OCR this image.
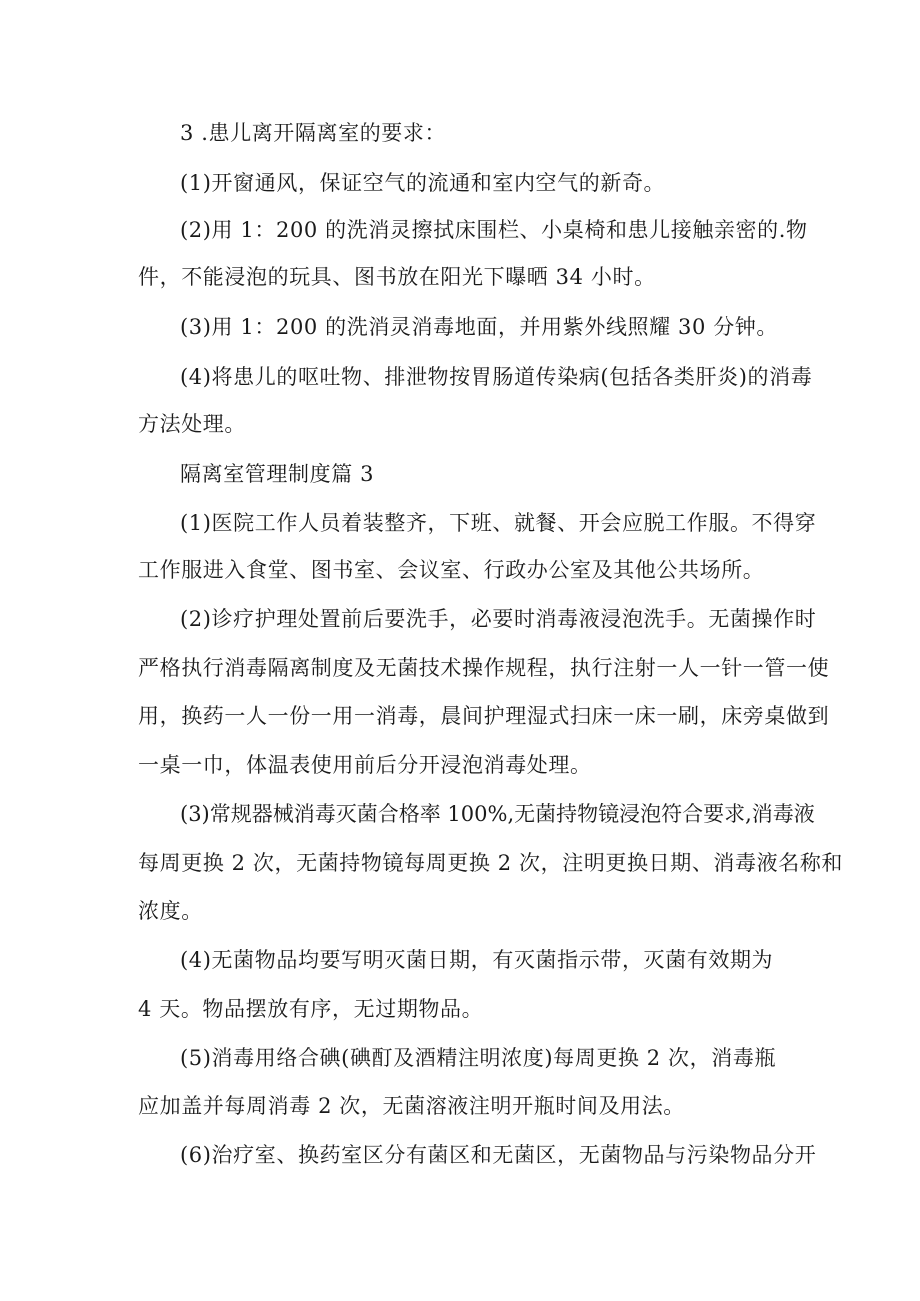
3 .患儿离开隔离室的要求：
(1)开窗通风，保证空气的流通和室内空气的新奇。
(2)用 1：200 的洗消灵擦拭床围栏、小桌椅和患儿接触亲密的.物
件，不能浸泡的玩具、图书放在阳光下曝晒 34 小时。
(3)用 1：200 的洗消灵消毒地面，并用紫外线照耀 30 分钟。
(4)将患儿的呕吐物、排泄物按胃肠道传染病(包括各类肝炎)的消毒
方法处理。
隔离室管理制度篇 3
(1)医院工作人员着装整齐，下班、就餐、开会应脱工作服。不得穿
工作服进入食堂、图书室、会议室、行政办公室及其他公共场所。
(2)诊疗护理处置前后要洗手，必要时消毒液浸泡洗手。无菌操作时
严格执行消毒隔离制度及无菌技术操作规程，执行注射一人一针一管一使
用，换药一人一份一用一消毒，晨间护理湿式扫床一床一刷，床旁桌做到
一桌一巾，体温表使用前后分开浸泡消毒处理。
(3)常规器械消毒灭菌合格率 100%,无菌持物镜浸泡符合要求,消毒液
每周更换 2 次，无菌持物镜每周更换 2 次，注明更换日期、消毒液名称和
浓度。
(4)无菌物品均要写明灭菌日期，有灭菌指示带，灭菌有效期为
4 天。物品摆放有序，无过期物品。
(5)消毒用络合碘(碘酊及酒精注明浓度)每周更换 2 次，消毒瓶
应加盖并每周消毒 2 次，无菌溶液注明开瓶时间及用法。
(6)治疗室、换药室区分有菌区和无菌区，无菌物品与污染物品分开
